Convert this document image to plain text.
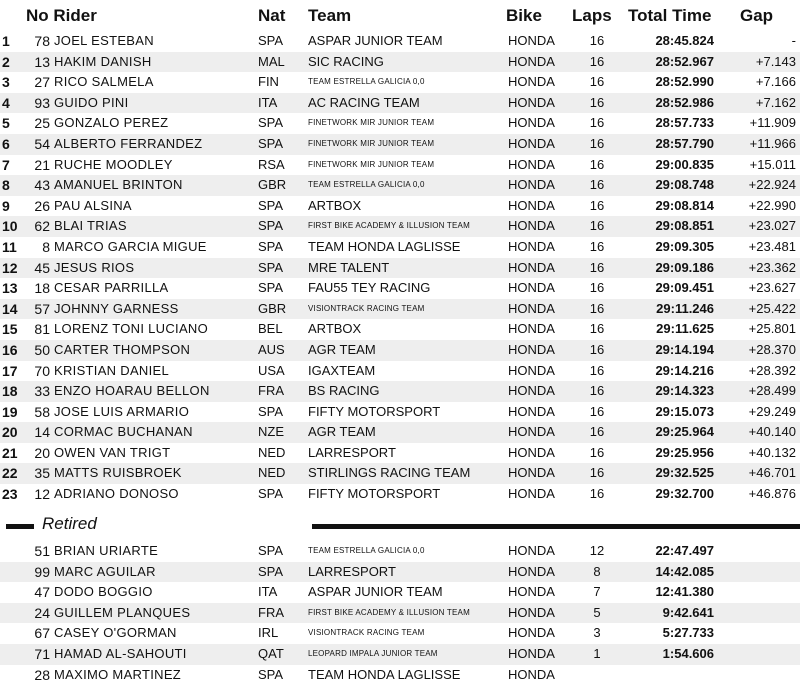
No Rider	Nat Team	Bike Laps Total Time Gap
1	78 JOEL ESTEBAN	SPA ASPAR JUNIOR TEAM	HONDA	16	28:45.824	-
2	13 HAKIM DANISH	MAL SIC RACING	HONDA	16	28:52.967	+7.143
3	27 RICO SALMELA	FIN	TEAM ESTRELLA GALICIA 0,0	HONDA	16	28:52.990	+7.166
4	93 GUIDO PINI	ITA AC RACING TEAM	HONDA	16	28:52.986	+7.162
5	25 GONZALO PEREZ	SPA	FINETWORK MIR JUNIOR TEAM	HONDA	16	28:57.733	+11.909
6	54 ALBERTO FERRANDEZ	SPA	FINETWORK MIR JUNIOR TEAM	HONDA	16	28:57.790	+11.966
7	21 RUCHE MOODLEY	RSA	FINETWORK MIR JUNIOR TEAM	HONDA	16	29:00.835	+15.011
8	43 AMANUEL BRINTON	GBR	TEAM ESTRELLA GALICIA 0,0	HONDA	16	29:08.748	+22.924
9	26 PAU ALSINA	SPA ARTBOX	HONDA	16	29:08.814	+22.990
10	62 BLAI TRIAS	SPA	FIRST BIKE ACADEMY & ILLUSION TEAM	HONDA	16	29:08.851	+23.027
11	8 MARCO GARCIA MIGUE	SPA TEAM HONDA LAGLISSE	HONDA	16	29:09.305	+23.481
12	45 JESUS RIOS	SPA MRE TALENT	HONDA	16	29:09.186	+23.362
13	18 CESAR PARRILLA	SPA FAU55 TEY RACING	HONDA	16	29:09.451	+23.627
14	57 JOHNNY GARNESS	GBR	VISIONTRACK RACING TEAM	HONDA	16	29:11.246	+25.422
15	81 LORENZ TONI LUCIANO	BEL ARTBOX	HONDA	16	29:11.625	+25.801
16	50 CARTER THOMPSON	AUS AGR TEAM	HONDA	16	29:14.194	+28.370
17	70 KRISTIAN DANIEL	USA IGAXTEAM	HONDA	16	29:14.216	+28.392
18	33 ENZO HOARAU BELLON	FRA BS RACING	HONDA	16	29:14.323	+28.499
19	58 JOSE LUIS ARMARIO	SPA FIFTY MOTORSPORT	HONDA	16	29:15.073	+29.249
20	14 CORMAC BUCHANAN	NZE AGR TEAM	HONDA	16	29:25.964	+40.140
21	20 OWEN VAN TRIGT	NED LARRESPORT	HONDA	16	29:25.956	+40.132
22	35 MATTS RUISBROEK	NED STIRLINGS RACING TEAM	HONDA	16	29:32.525	+46.701
23	12 ADRIANO DONOSO	SPA FIFTY MOTORSPORT	HONDA	16	29:32.700	+46.876
Retired
51 BRIAN URIARTE	SPA	TEAM ESTRELLA GALICIA 0,0	HONDA	12	22:47.497
99 MARC AGUILAR	SPA LARRESPORT	HONDA	8	14:42.085
47 DODO BOGGIO	ITA ASPAR JUNIOR TEAM	HONDA	7	12:41.380
24 GUILLEM PLANQUES	FRA	FIRST BIKE ACADEMY & ILLUSION TEAM	HONDA	5	9:42.641
67 CASEY O'GORMAN	IRL	VISIONTRACK RACING TEAM	HONDA	3	5:27.733
71 HAMAD AL-SAHOUTI	QAT	LEOPARD IMPALA JUNIOR TEAM	HONDA	1	1:54.606
28 MAXIMO MARTINEZ	SPA TEAM HONDA LAGLISSE	HONDA
